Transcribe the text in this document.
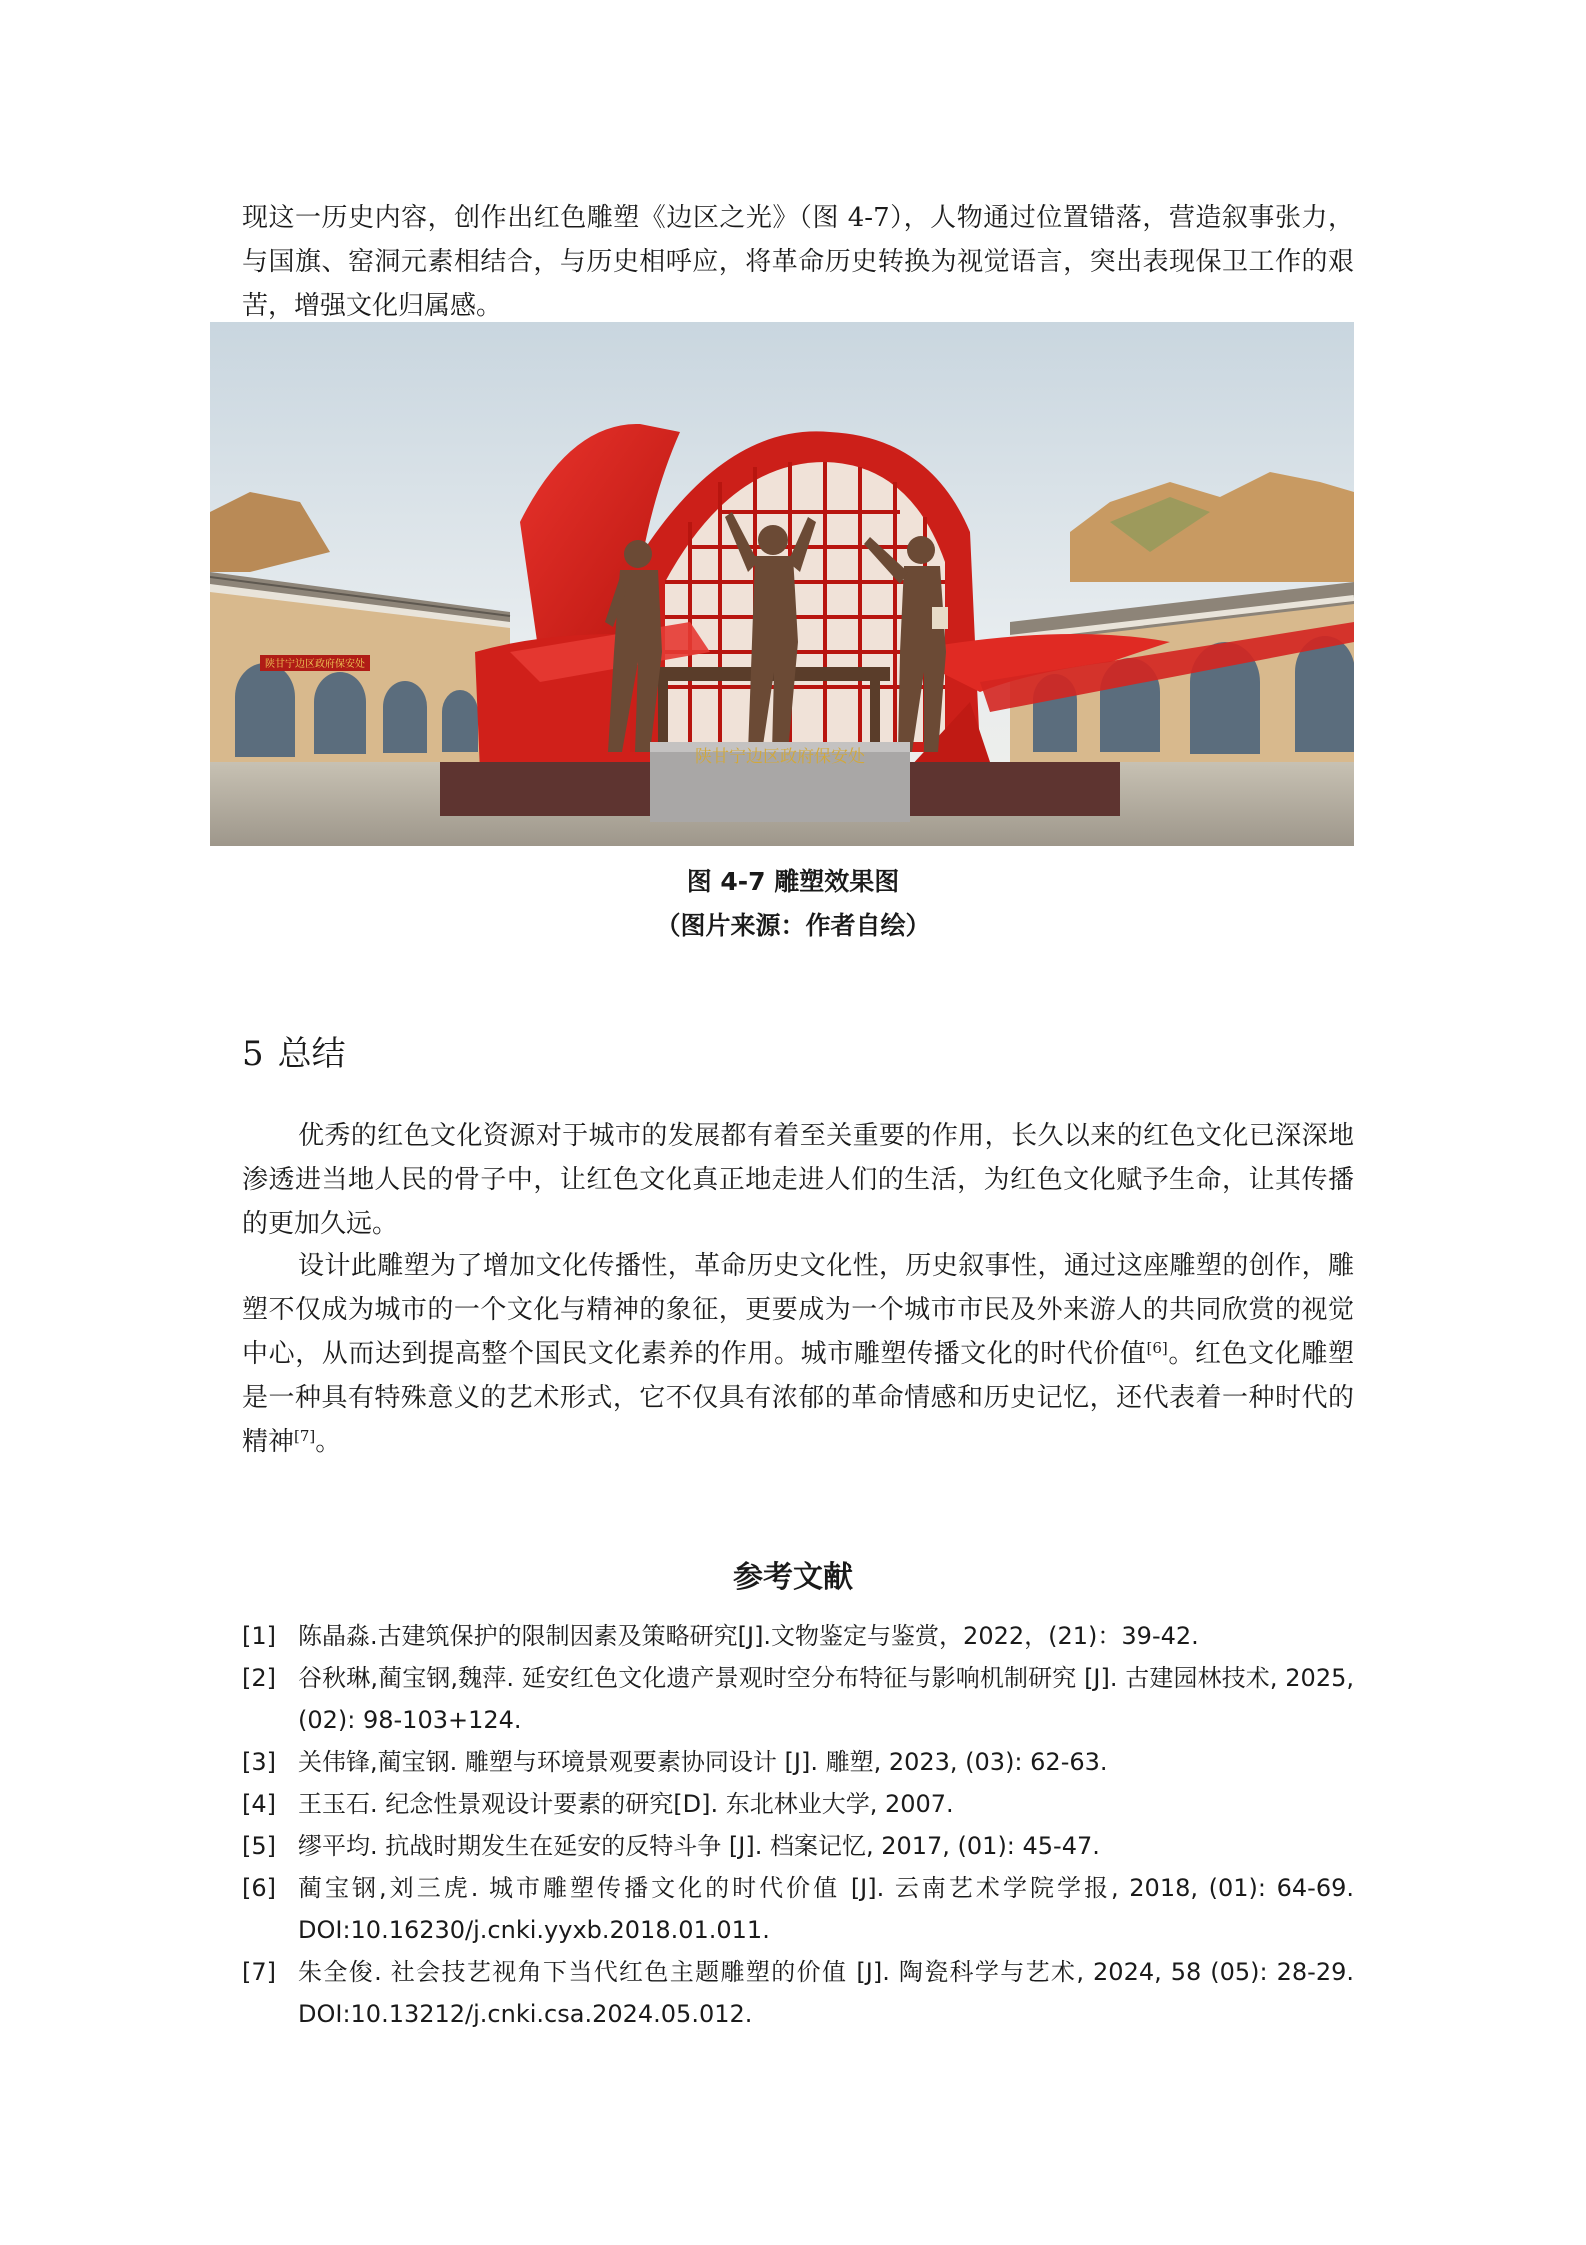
现这一历史内容，创作出红色雕塑《边区之光》（图 4-7），人物通过位置错落，营造叙事张力，与国旗、窑洞元素相结合，与历史相呼应，将革命历史转换为视觉语言，突出表现保卫工作的艰苦，增强文化归属感。

陕甘宁边区政府保安处
陕甘宁边区政府保安处
图 4-7 雕塑效果图
（图片来源：作者自绘）
5 总结

优秀的红色文化资源对于城市的发展都有着至关重要的作用，长久以来的红色文化已深深地渗透进当地人民的骨子中，让红色文化真正地走进人们的生活，为红色文化赋予生命，让其传播的更加久远。

设计此雕塑为了增加文化传播性，革命历史文化性，历史叙事性，通过这座雕塑的创作，雕塑不仅成为城市的一个文化与精神的象征，更要成为一个城市市民及外来游人的共同欣赏的视觉中心，从而达到提高整个国民文化素养的作用。城市雕塑传播文化的时代价值[6]。红色文化雕塑是一种具有特殊意义的艺术形式，它不仅具有浓郁的革命情感和历史记忆，还代表着一种时代的精神[7]。

参考文献
[1] 陈晶淼.古建筑保护的限制因素及策略研究[J].文物鉴定与鉴赏，2022，(21)：39-42.
[2] 谷秋琳,蔺宝钢,魏萍. 延安红色文化遗产景观时空分布特征与影响机制研究 [J]. 古建园林技术, 2025, (02): 98-103+124.
[3] 关伟锋,蔺宝钢. 雕塑与环境景观要素协同设计 [J]. 雕塑, 2023, (03): 62-63.
[4] 王玉石. 纪念性景观设计要素的研究[D]. 东北林业大学, 2007.
[5] 缪平均. 抗战时期发生在延安的反特斗争 [J]. 档案记忆, 2017, (01): 45-47.
[6] 蔺宝钢,刘三虎. 城市雕塑传播文化的时代价值 [J]. 云南艺术学院学报, 2018, (01): 64-69. DOI:10.16230/j.cnki.yyxb.2018.01.011.
[7] 朱全俊. 社会技艺视角下当代红色主题雕塑的价值 [J]. 陶瓷科学与艺术, 2024, 58 (05): 28-29. DOI:10.13212/j.cnki.csa.2024.05.012.
